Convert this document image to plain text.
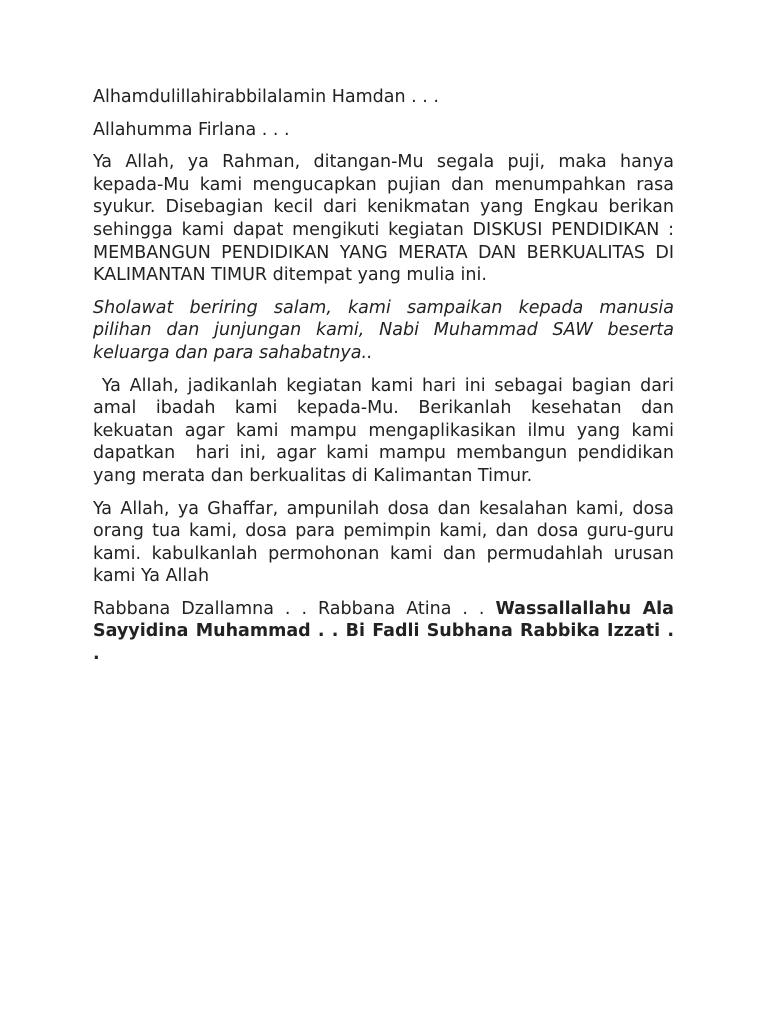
Alhamdulillahirabbilalamin Hamdan . . .

Allahumma Firlana . . .

Ya Allah, ya Rahman, ditangan-Mu segala puji, maka hanya kepada-Mu kami mengucapkan pujian dan menumpahkan rasa syukur. Disebagian kecil dari kenikmatan yang Engkau berikan sehingga kami dapat mengikuti kegiatan DISKUSI PENDIDIKAN : MEMBANGUN PENDIDIKAN YANG MERATA DAN BERKUALITAS DI KALIMANTAN TIMUR ditempat yang mulia ini.

Sholawat beriring salam, kami sampaikan kepada manusia pilihan dan junjungan kami, Nabi Muhammad SAW beserta keluarga dan para sahabatnya..

Ya Allah, jadikanlah kegiatan kami hari ini sebagai bagian dari amal ibadah kami kepada-Mu. Berikanlah kesehatan dan kekuatan agar kami mampu mengaplikasikan ilmu yang kami dapatkan  hari ini, agar kami mampu membangun pendidikan yang merata dan berkualitas di Kalimantan Timur.

Ya Allah, ya Ghaffar, ampunilah dosa dan kesalahan kami, dosa orang tua kami, dosa para pemimpin kami, dan dosa guru-guru kami. kabulkanlah permohonan kami dan permudahlah urusan kami Ya Allah

Rabbana Dzallamna . . Rabbana Atina . . Wassallallahu Ala Sayyidina Muhammad . . Bi Fadli Subhana Rabbika Izzati . .
